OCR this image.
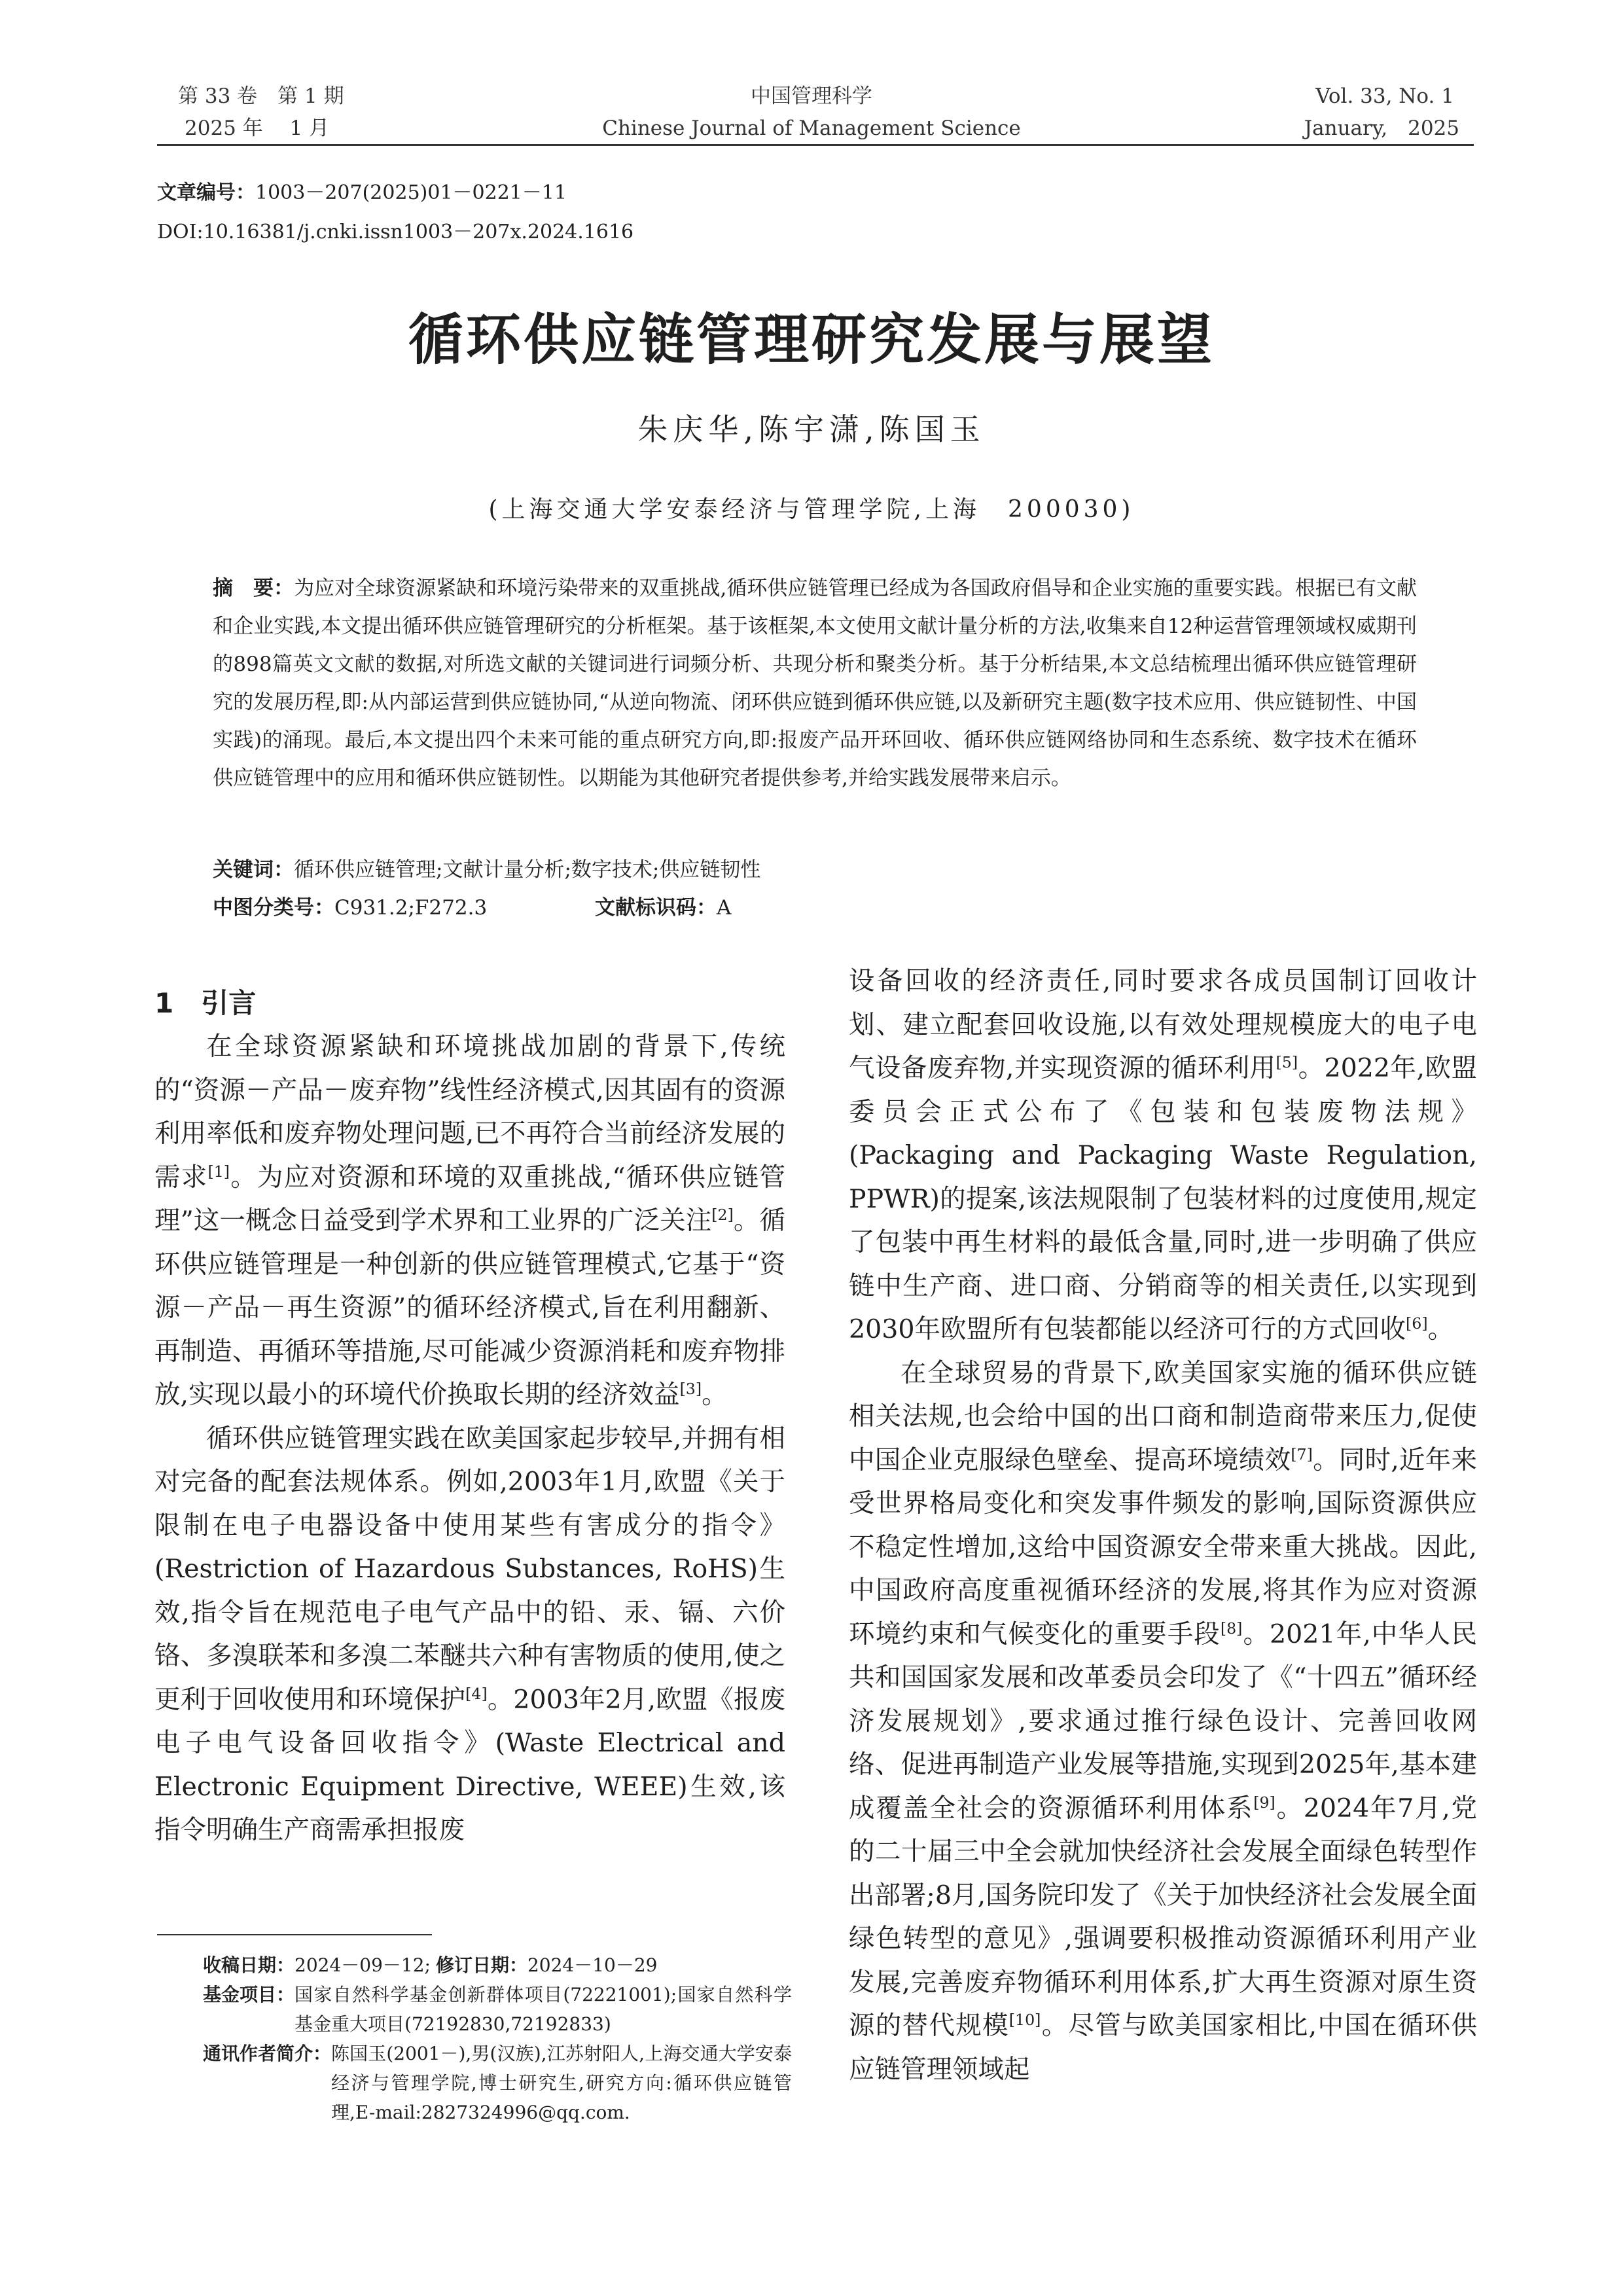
第 33 卷　第 1 期
2025 年　 1 月
中国管理科学
Chinese Journal of Management Science
Vol. 33, No. 1
January,　2025
文章编号：1003－207(2025)01－0221－11
DOI:10.16381/j.cnki.issn1003－207x.2024.1616
循环供应链管理研究发展与展望
朱庆华,陈宇潇,陈国玉
(上海交通大学安泰经济与管理学院,上海　200030)
摘　要：为应对全球资源紧缺和环境污染带来的双重挑战,循环供应链管理已经成为各国政府倡导和企业实施的重要实践。根据已有文献和企业实践,本文提出循环供应链管理研究的分析框架。基于该框架,本文使用文献计量分析的方法,收集来自12种运营管理领域权威期刊的898篇英文文献的数据,对所选文献的关键词进行词频分析、共现分析和聚类分析。基于分析结果,本文总结梳理出循环供应链管理研究的发展历程,即:从内部运营到供应链协同,“从逆向物流、闭环供应链到循环供应链,以及新研究主题(数字技术应用、供应链韧性、中国实践)的涌现。最后,本文提出四个未来可能的重点研究方向,即:报废产品开环回收、循环供应链网络协同和生态系统、数字技术在循环供应链管理中的应用和循环供应链韧性。以期能为其他研究者提供参考,并给实践发展带来启示。
关键词：循环供应链管理;文献计量分析;数字技术;供应链韧性
中图分类号：C931.2;F272.3	文献标识码：A
1　引言

在全球资源紧缺和环境挑战加剧的背景下,传统的“资源－产品－废弃物”线性经济模式,因其固有的资源利用率低和废弃物处理问题,已不再符合当前经济发展的需求[1]。为应对资源和环境的双重挑战,“循环供应链管理”这一概念日益受到学术界和工业界的广泛关注[2]。循环供应链管理是一种创新的供应链管理模式,它基于“资源－产品－再生资源”的循环经济模式,旨在利用翻新、再制造、再循环等措施,尽可能减少资源消耗和废弃物排放,实现以最小的环境代价换取长期的经济效益[3]。

循环供应链管理实践在欧美国家起步较早,并拥有相对完备的配套法规体系。例如,2003年1月,欧盟《关于限制在电子电器设备中使用某些有害成分的指令》(Restriction of Hazardous Substances, RoHS)生效,指令旨在规范电子电气产品中的铅、汞、镉、六价铬、多溴联苯和多溴二苯醚共六种有害物质的使用,使之更利于回收使用和环境保护[4]。2003年2月,欧盟《报废电子电气设备回收指令》(Waste Electrical and Electronic Equipment Directive, WEEE)生效,该指令明确生产商需承担报废

设备回收的经济责任,同时要求各成员国制订回收计划、建立配套回收设施,以有效处理规模庞大的电子电气设备废弃物,并实现资源的循环利用[5]。2022年,欧盟委员会正式公布了《包装和包装废物法规》(Packaging and Packaging Waste Regulation, PPWR)的提案,该法规限制了包装材料的过度使用,规定了包装中再生材料的最低含量,同时,进一步明确了供应链中生产商、进口商、分销商等的相关责任,以实现到2030年欧盟所有包装都能以经济可行的方式回收[6]。

在全球贸易的背景下,欧美国家实施的循环供应链相关法规,也会给中国的出口商和制造商带来压力,促使中国企业克服绿色壁垒、提高环境绩效[7]。同时,近年来受世界格局变化和突发事件频发的影响,国际资源供应不稳定性增加,这给中国资源安全带来重大挑战。因此,中国政府高度重视循环经济的发展,将其作为应对资源环境约束和气候变化的重要手段[8]。2021年,中华人民共和国国家发展和改革委员会印发了《“十四五”循环经济发展规划》,要求通过推行绿色设计、完善回收网络、促进再制造产业发展等措施,实现到2025年,基本建成覆盖全社会的资源循环利用体系[9]。2024年7月,党的二十届三中全会就加快经济社会发展全面绿色转型作出部署;8月,国务院印发了《关于加快经济社会发展全面绿色转型的意见》,强调要积极推动资源循环利用产业发展,完善废弃物循环利用体系,扩大再生资源对原生资源的替代规模[10]。尽管与欧美国家相比,中国在循环供应链管理领域起

收稿日期： 2024－09－12; 修订日期： 2024－10－29
基金项目： 国家自然科学基金创新群体项目(72221001);国家自然科学基金重大项目(72192830,72192833)
通讯作者简介： 陈国玉(2001－),男(汉族),江苏射阳人,上海交通大学安泰经济与管理学院,博士研究生,研究方向:循环供应链管理,E-mail:2827324996@qq.com.
